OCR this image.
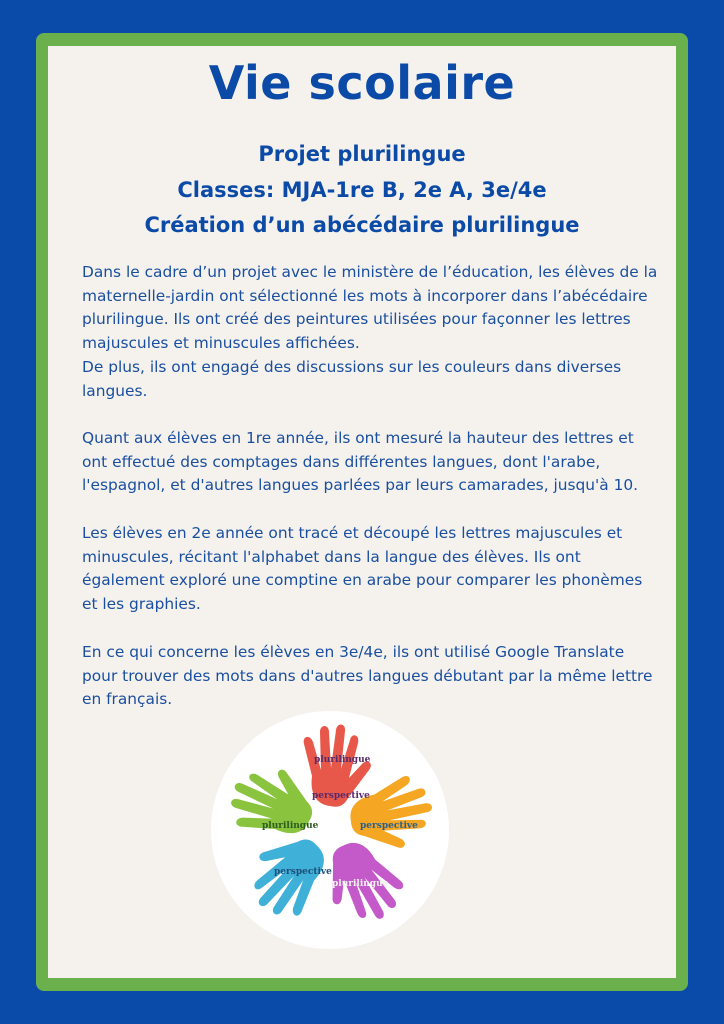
Vie scolaire
Projet plurilingue
Classes: MJA-1re B, 2e A, 3e/4e
Création d’un abécédaire plurilingue
Dans le cadre d’un projet avec le ministère de l’éducation, les élèves de la maternelle-jardin ont sélectionné les mots à incorporer dans l’abécédaire plurilingue. Ils ont créé des peintures utilisées pour façonner les lettres majuscules et minuscules affichées.
De plus, ils ont engagé des discussions sur les couleurs dans diverses langues.
Quant aux élèves en 1re année, ils ont mesuré la hauteur des lettres et ont effectué des comptages dans différentes langues, dont l'arabe, l'espagnol, et d'autres langues parlées par leurs camarades, jusqu'à 10.
Les élèves en 2e année ont tracé et découpé les lettres majuscules et minuscules, récitant l'alphabet dans la langue des élèves. Ils ont également exploré une comptine en arabe pour comparer les phonèmes et les graphies.
En ce qui concerne les élèves en 3e/4e, ils ont utilisé Google Translate pour trouver des mots dans d'autres langues débutant par la même lettre en français.
plurilingue
perspective
perspective
plurilingue
perspective
plurilingue
